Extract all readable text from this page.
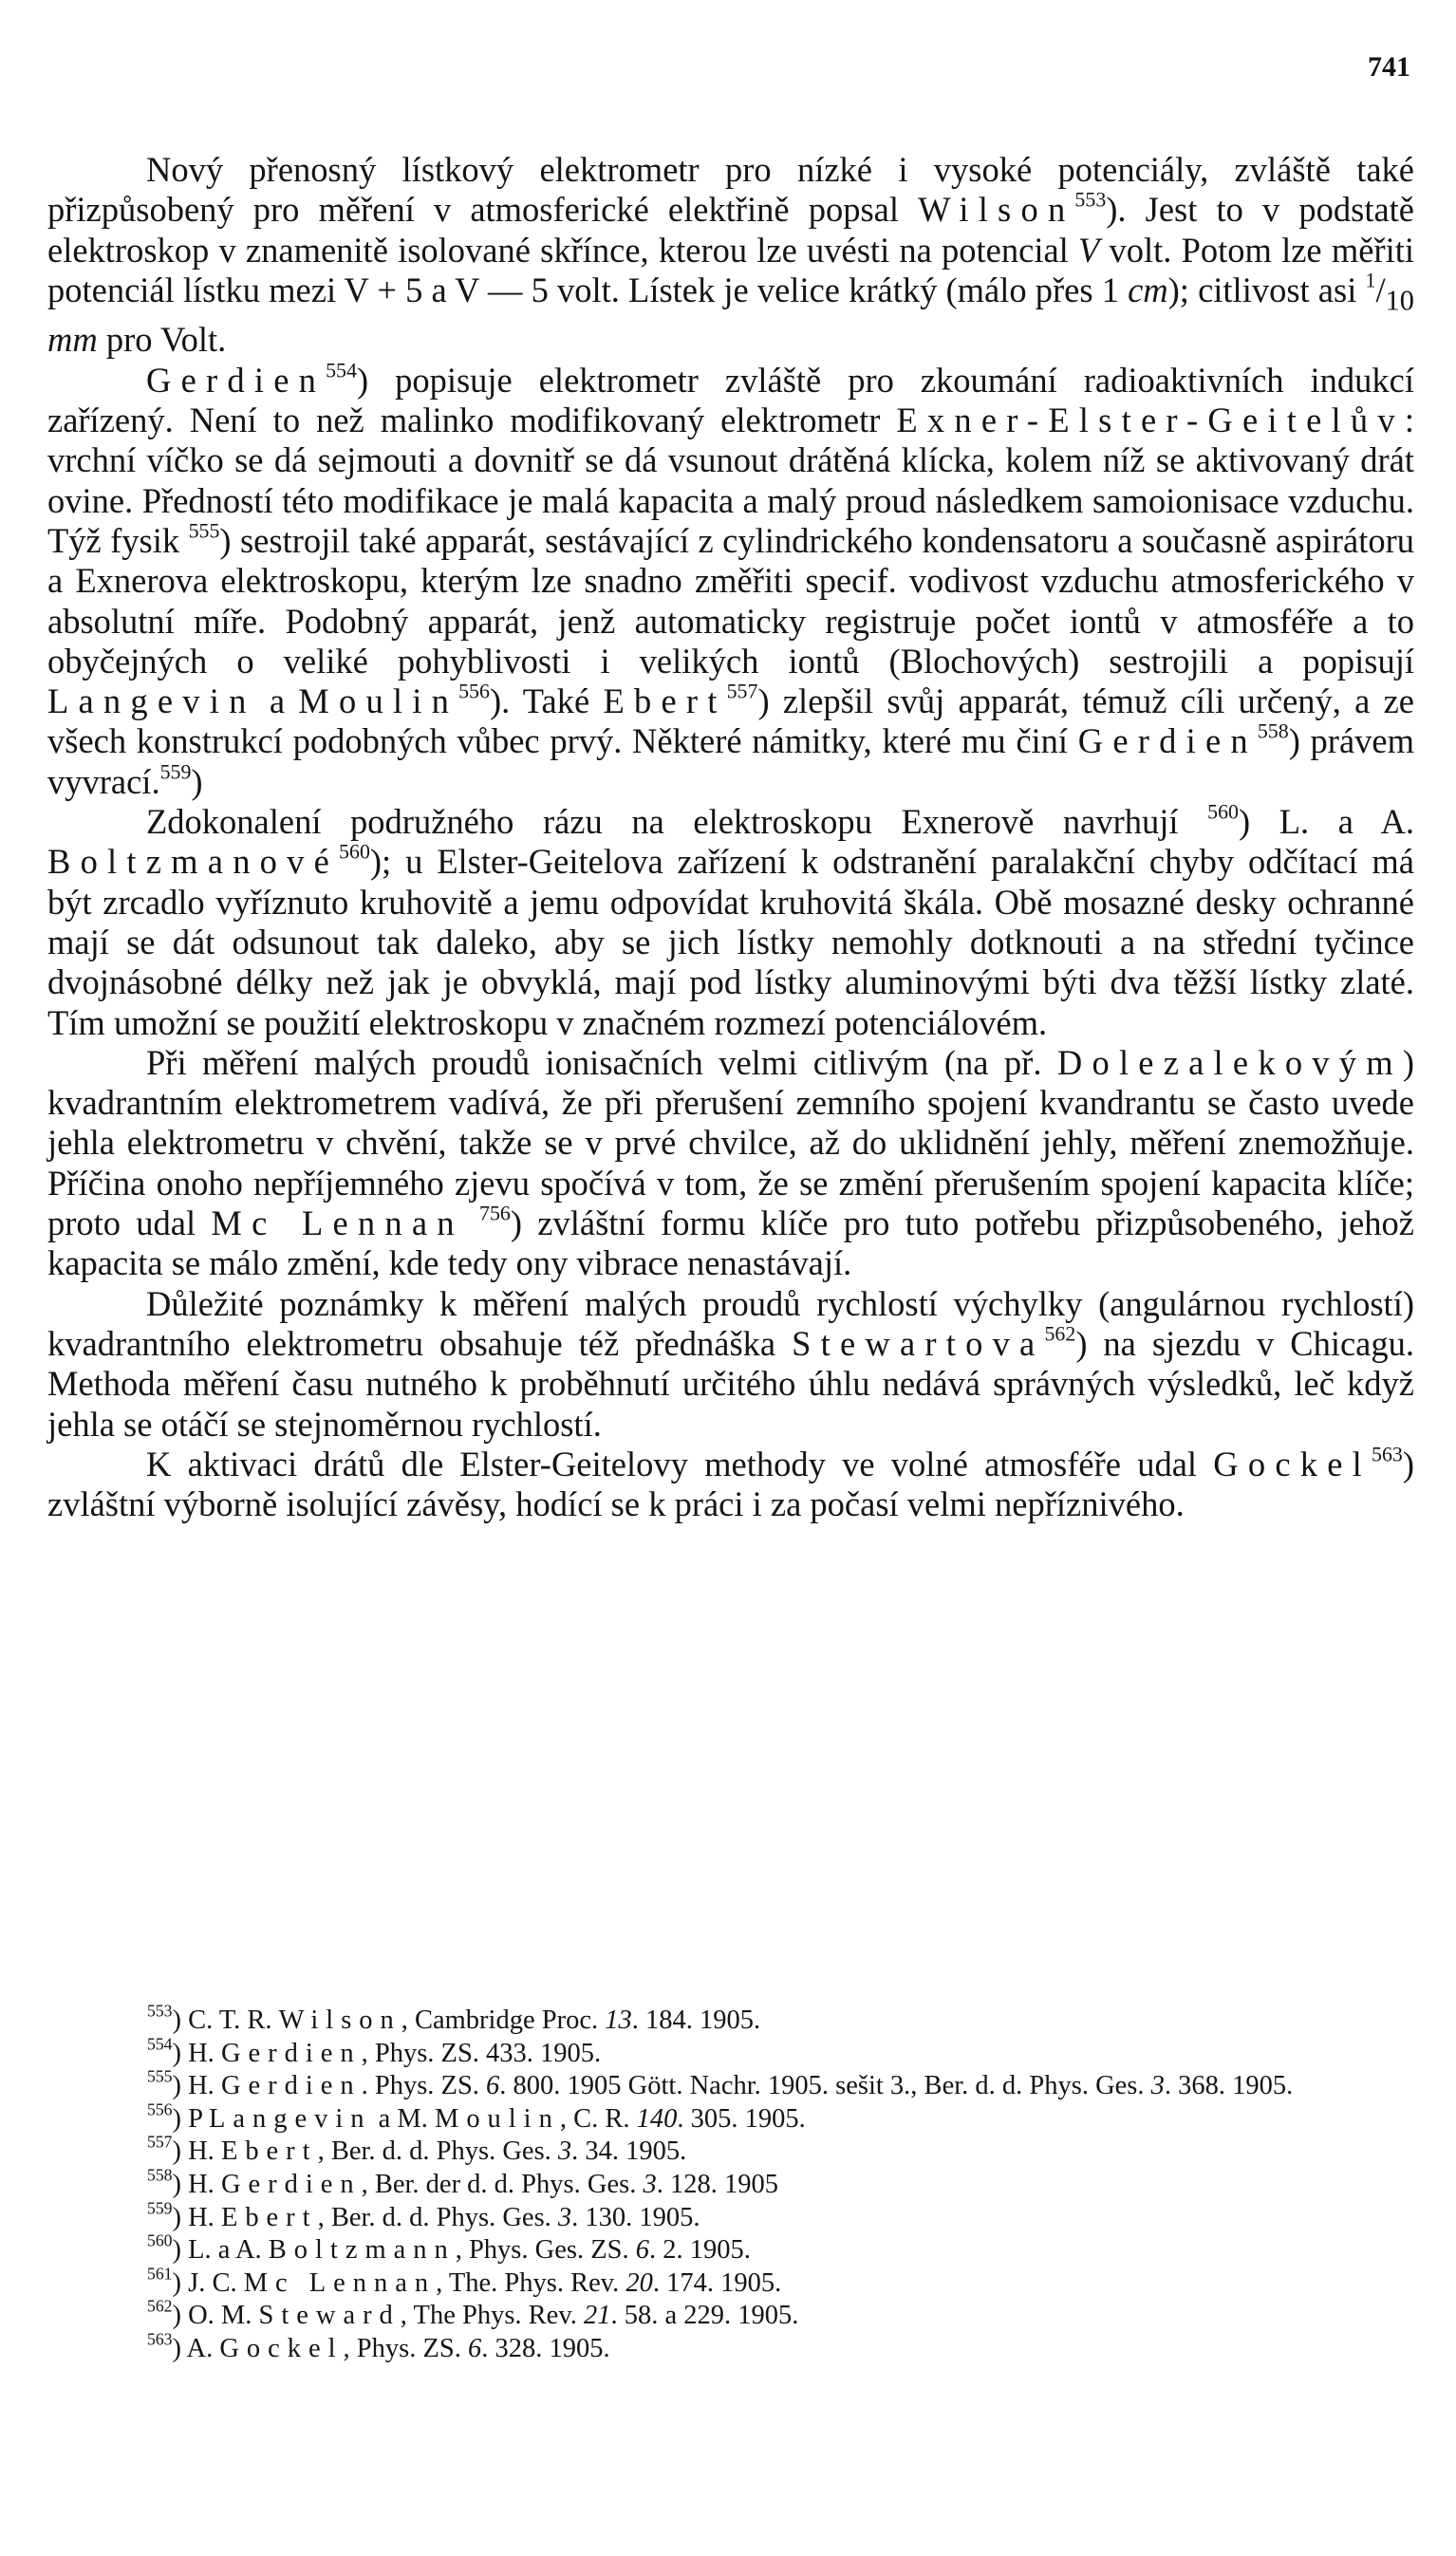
741

Nový přenosný lístkový elektrometr pro nízké i vysoké potenciály, zvláště také přizpůsobený pro měření v atmosferické elektřině popsal Wilson$^{553}$). Jest to v podstatě elektroskop v znamenitě isolované skřínce, kterou lze uvésti na potencial V volt. Potom lze měřiti potenciál lístku mezi V + 5 a V — 5 volt. Lístek je velice krátký (málo přes 1 cm); citlivost asi $^1/_{10}$ mm pro Volt.

Gerdien$^{554}$) popisuje elektrometr zvláště pro zkoumání radioaktivních indukcí zařízený. Není to než malinko modifikovaný elektrometr Exner-Elster-Geitelův: vrchní víčko se dá sejmouti a dovnitř se dá vsunout drátěná klícka, kolem níž se aktivovaný drát ovine. Předností této modifikace je malá kapacita a malý proud následkem samoionisace vzduchu. Týž fysik $^{555}$) sestrojil také apparát, sestávající z cylindrického kondensatoru a současně aspirátoru a Exnerova elektroskopu, kterým lze snadno změřiti specif. vodivost vzduchu atmosferického v absolutní míře. Podobný apparát, jenž automaticky registruje počet iontů v atmosféře a to obyčejných o veliké pohyblivosti i velikých iontů (Blochových) sestrojili a popisují Langevin a Moulin$^{556}$). Také Ebert$^{557}$) zlepšil svůj apparát, témuž cíli určený, a ze všech konstrukcí podobných vůbec prvý. Některé námitky, které mu činí Gerdien$^{558}$) právem vyvrací.$^{559}$)

Zdokonalení podružného rázu na elektroskopu Exnerově navrhují $^{560}$) L. a A. Boltzmanové$^{560}$); u Elster-Geitelova zařízení k odstranění paralakční chyby odčítací má být zrcadlo vyříznuto kruhovitě a jemu odpovídat kruhovitá škála. Obě mosazné desky ochranné mají se dát odsunout tak daleko, aby se jich lístky nemohly dotknouti a na střední tyčince dvojnásobné délky než jak je obvyklá, mají pod lístky aluminovými býti dva těžší lístky zlaté. Tím umožní se použití elektroskopu v značném rozmezí potenciálovém.

Při měření malých proudů ionisačních velmi citlivým (na př. Dolezalekovým) kvadrantním elektrometrem vadívá, že při přerušení zemního spojení kvandrantu se často uvede jehla elektrometru v chvění, takže se v prvé chvilce, až do uklidnění jehly, měření znemožňuje. Příčina onoho nepříjemného zjevu spočívá v tom, že se změní přerušením spojení kapacita klíče; proto udal Mc Lennan $^{756}$) zvláštní formu klíče pro tuto potřebu přizpůsobeného, jehož kapacita se málo změní, kde tedy ony vibrace nenastávají.

Důležité poznámky k měření malých proudů rychlostí výchylky (angulárnou rychlostí) kvadrantního elektrometru obsahuje též přednáška Stewartova$^{562}$) na sjezdu v Chicagu. Methoda měření času nutného k proběhnutí určitého úhlu nedává správných výsledků, leč když jehla se otáčí se stejnoměrnou rychlostí.

K aktivaci drátů dle Elster-Geitelovy methody ve volné atmosféře udal Gockel$^{563}$) zvláštní výborně isolující závěsy, hodící se k práci i za počasí velmi nepříznivého.

$^{553}$) C. T. R. Wilson, Cambridge Proc. 13. 184. 1905.

$^{554}$) H. Gerdien, Phys. ZS. 433. 1905.

$^{555}$) H. Gerdien. Phys. ZS. 6. 800. 1905 Gött. Nachr. 1905. sešit 3., Ber. d. d. Phys. Ges. 3. 368. 1905.

$^{556}$) P Langevin a M. Moulin, C. R. 140. 305. 1905.

$^{557}$) H. Ebert, Ber. d. d. Phys. Ges. 3. 34. 1905.

$^{558}$) H. Gerdien, Ber. der d. d. Phys. Ges. 3. 128. 1905

$^{559}$) H. Ebert, Ber. d. d. Phys. Ges. 3. 130. 1905.

$^{560}$) L. a A. Boltzmann, Phys. Ges. ZS. 6. 2. 1905.

$^{561}$) J. C. Mc Lennan, The. Phys. Rev. 20. 174. 1905.

$^{562}$) O. M. Steward, The Phys. Rev. 21. 58. a 229. 1905.

$^{563}$) A. Gockel, Phys. ZS. 6. 328. 1905.
